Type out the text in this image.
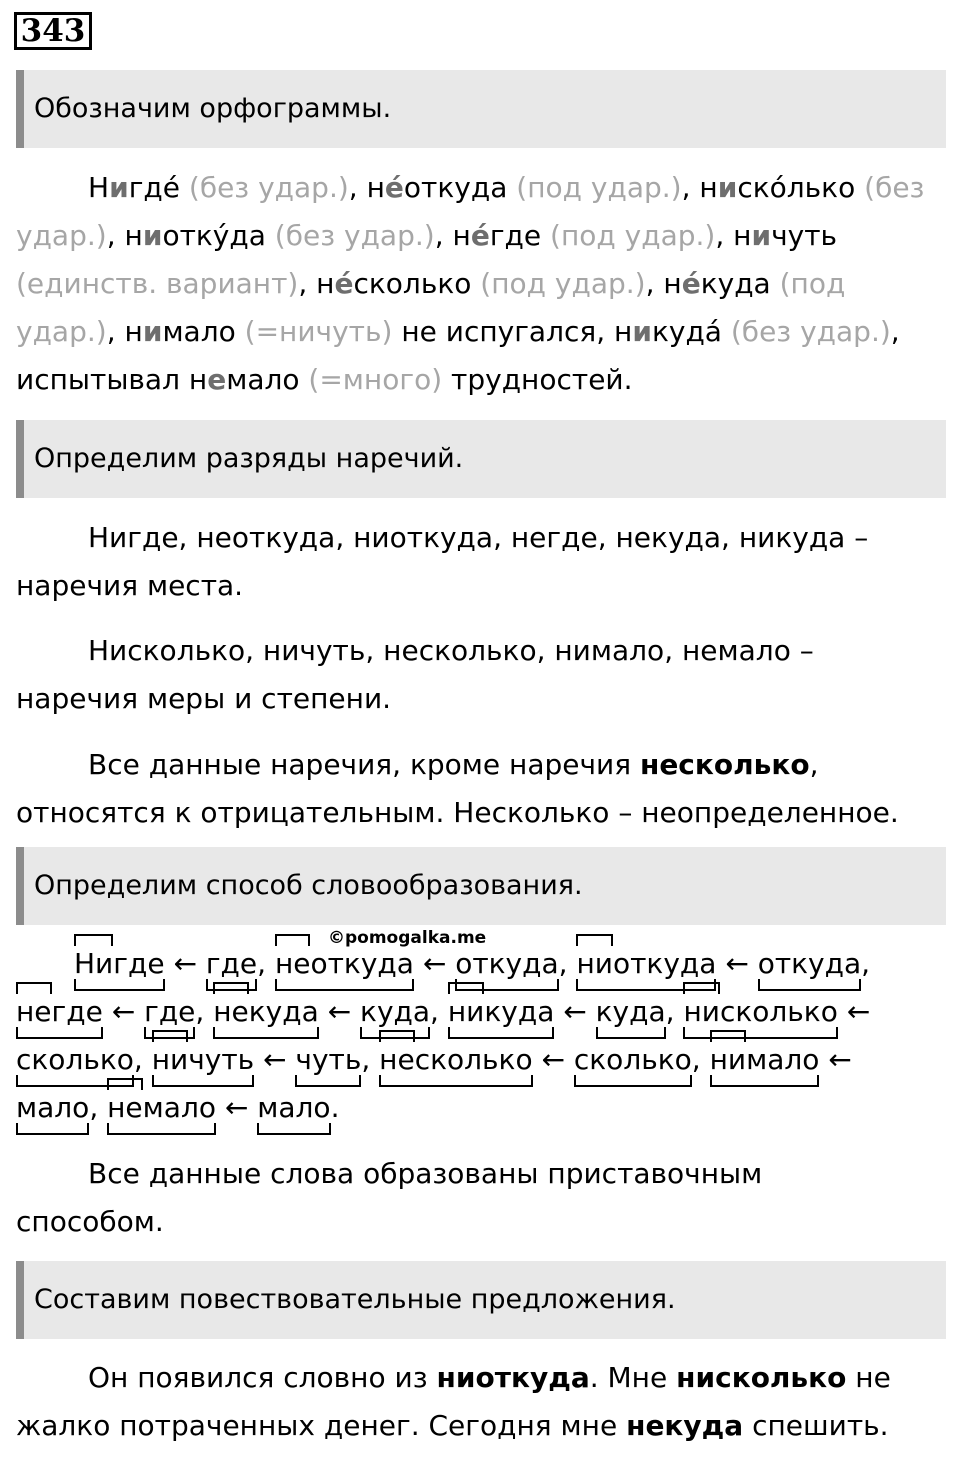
343
Обозначим орфограммы.
Нигде́ (без удар.), не́откуда (под удар.), ниско́лько (без
удар.), ниотку́да (без удар.), не́где (под удар.), ничуть
(единств. вариант), не́сколько (под удар.), не́куда (под
удар.), нимало (=ничуть) не испугался, никуда́ (без удар.),
испытывал немало (=много) трудностей.
Определим разряды наречий.
Нигде, неоткуда, ниоткуда, негде, некуда, никуда –
наречия места.
Нисколько, ничуть, несколько, нималo, немало –
наречия меры и степени.
Все данные наречия, кроме наречия несколько,
относятся к отрицательным. Несколько – неопределенное.
Определим способ словообразования.
©pomogalka.me
Нигде ← где, неоткуда ← откуда, ниоткуда ← откуда,
негде ← где, некуда ← куда, никуда ← куда, нисколько ←
сколько, ничуть ← чуть, несколько ← сколько, нимало ←
мало, немало ← мало.
Все данные слова образованы приставочным
способом.
Составим повествовательные предложения.
Он появился словно из ниоткуда. Мне нисколько не
жалко потраченных денег. Сегодня мне некуда спешить.
